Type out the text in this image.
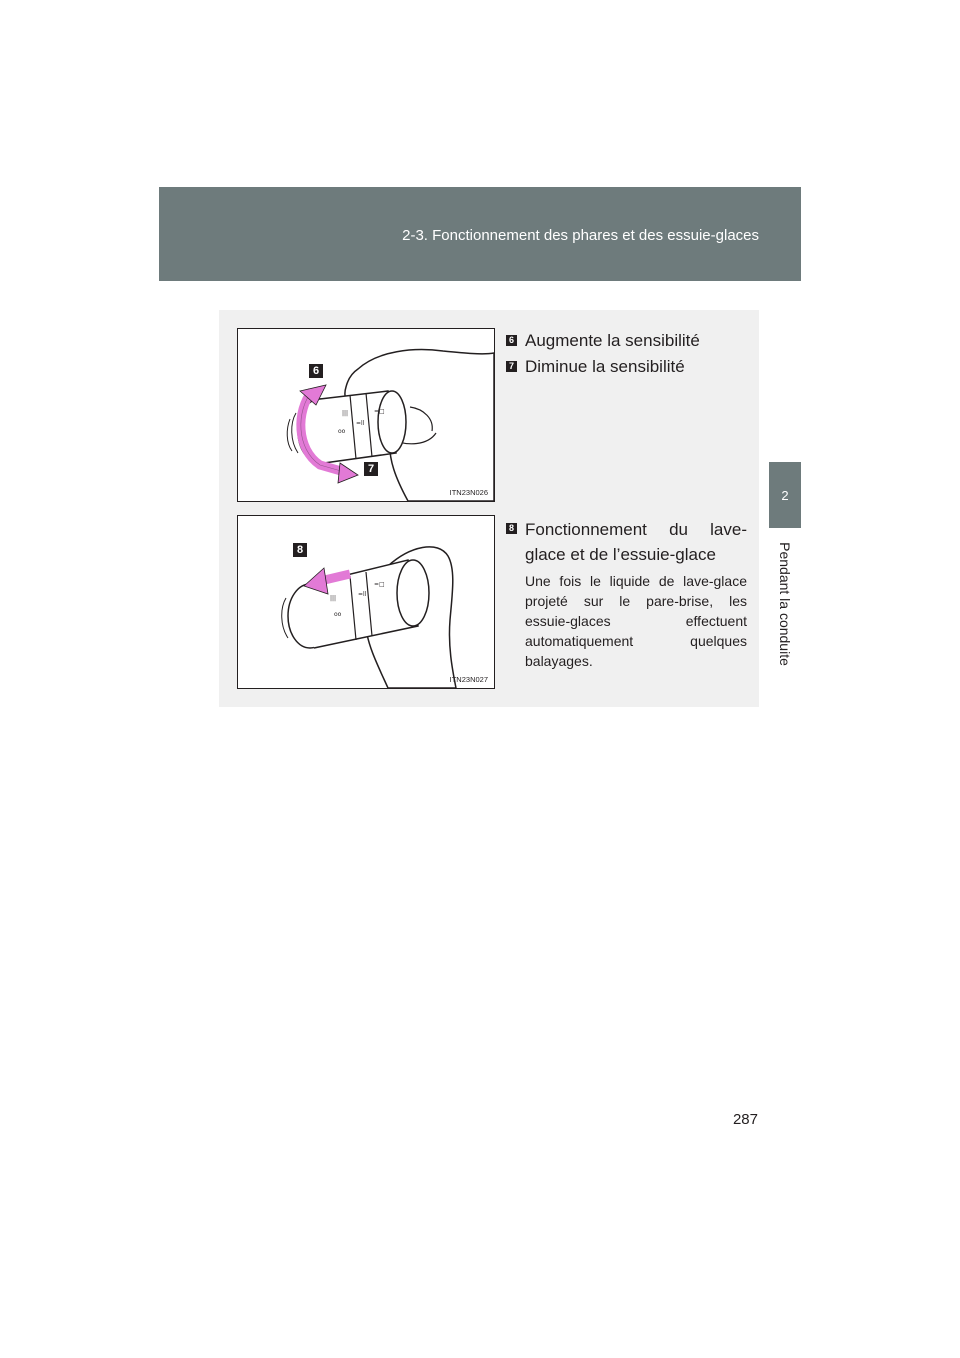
2-3. Fonctionnement des phares et des essuie-glaces
2
Pendant la conduite
|||
=ll
=□
oo
6
7
ITN23N026
|||
=ll
=□
oo
8
ITN23N027
6 Augmente la sensibilité
7 Diminue la sensibilité
8 Fonctionnement du lave-glace et de l’essuie-glace
Une fois le liquide de lave-glace projeté sur le pare-brise, les essuie-glaces effectuent automatiquement quelques balayages.
287
